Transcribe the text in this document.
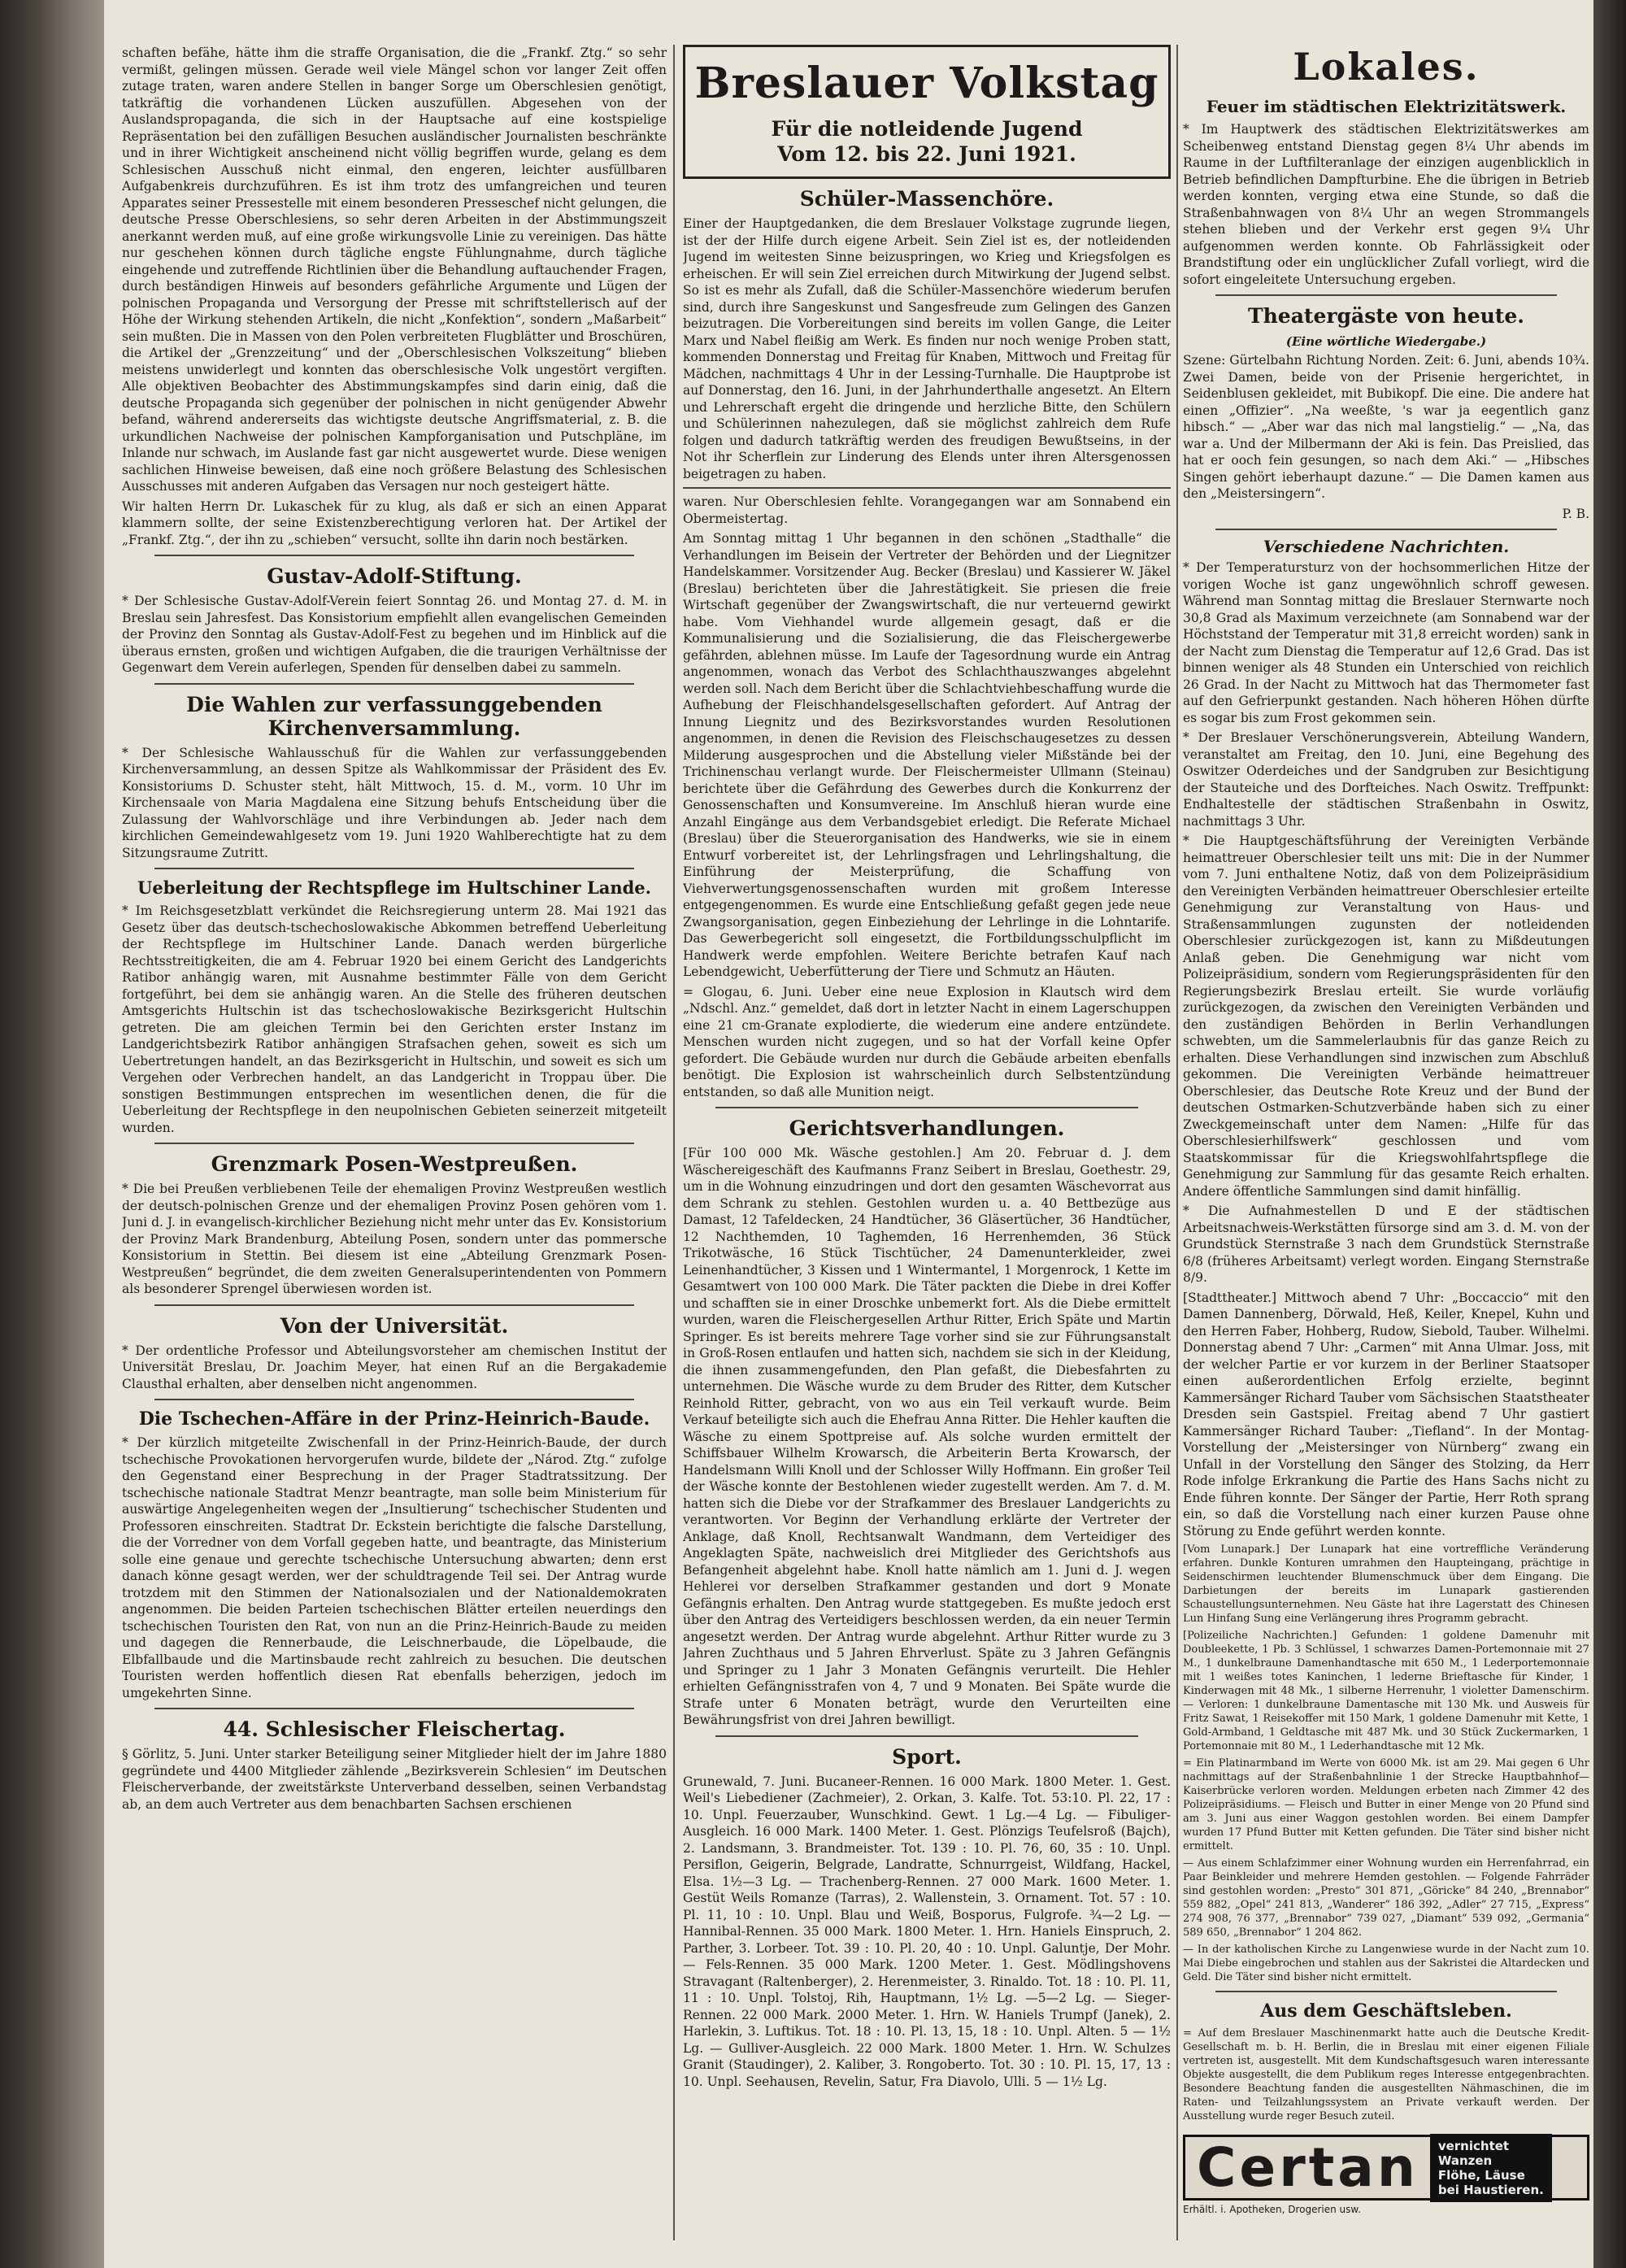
schaften befähe, hätte ihm die straffe Organisation, die die „Frankf. Ztg.“ so sehr vermißt, gelingen müssen. Gerade weil viele Mängel schon vor langer Zeit offen zutage traten, waren andere Stellen in banger Sorge um Oberschlesien genötigt, tatkräftig die vorhandenen Lücken auszufüllen. Abgesehen von der Auslandspropaganda, die sich in der Hauptsache auf eine kostspielige Repräsentation bei den zufälligen Besuchen ausländischer Journalisten beschränkte und in ihrer Wichtigkeit anscheinend nicht völlig begriffen wurde, gelang es dem Schlesischen Ausschuß nicht einmal, den engeren, leichter ausfüllbaren Aufgabenkreis durchzuführen. Es ist ihm trotz des umfangreichen und teuren Apparates seiner Pressestelle mit einem besonderen Presseschef nicht gelungen, die deutsche Presse Oberschlesiens, so sehr deren Arbeiten in der Abstimmungszeit anerkannt werden muß, auf eine große wirkungsvolle Linie zu vereinigen. Das hätte nur geschehen können durch tägliche engste Fühlungnahme, durch tägliche eingehende und zutreffende Richtlinien über die Behandlung auftauchender Fragen, durch beständigen Hinweis auf besonders gefährliche Argumente und Lügen der polnischen Propaganda und Versorgung der Presse mit schriftstellerisch auf der Höhe der Wirkung stehenden Artikeln, die nicht „Konfektion“, sondern „Maßarbeit“ sein mußten. Die in Massen von den Polen verbreiteten Flugblätter und Broschüren, die Artikel der „Grenzzeitung“ und der „Oberschlesischen Volkszeitung“ blieben meistens unwiderlegt und konnten das oberschlesische Volk ungestört vergiften. Alle objektiven Beobachter des Abstimmungskampfes sind darin einig, daß die deutsche Propaganda sich gegenüber der polnischen in nicht genügender Abwehr befand, während andererseits das wichtigste deutsche Angriffsmaterial, z. B. die urkundlichen Nachweise der polnischen Kampforganisation und Putschpläne, im Inlande nur schwach, im Auslande fast gar nicht ausgewertet wurde. Diese wenigen sachlichen Hinweise beweisen, daß eine noch größere Belastung des Schlesischen Ausschusses mit anderen Aufgaben das Versagen nur noch gesteigert hätte.

Wir halten Herrn Dr. Lukaschek für zu klug, als daß er sich an einen Apparat klammern sollte, der seine Existenzberechtigung verloren hat. Der Artikel der „Frankf. Ztg.“, der ihn zu „schieben“ versucht, sollte ihn darin noch bestärken.

Gustav-Adolf-Stiftung.

* Der Schlesische Gustav-Adolf-Verein feiert Sonntag 26. und Montag 27. d. M. in Breslau sein Jahresfest. Das Konsistorium empfiehlt allen evangelischen Gemeinden der Provinz den Sonntag als Gustav-Adolf-Fest zu begehen und im Hinblick auf die überaus ernsten, großen und wichtigen Aufgaben, die die traurigen Verhältnisse der Gegenwart dem Verein auferlegen, Spenden für denselben dabei zu sammeln.

Die Wahlen zur verfassunggebenden Kirchenversammlung.

* Der Schlesische Wahlausschuß für die Wahlen zur verfassunggebenden Kirchenversammlung, an dessen Spitze als Wahlkommissar der Präsident des Ev. Konsistoriums D. Schuster steht, hält Mittwoch, 15. d. M., vorm. 10 Uhr im Kirchensaale von Maria Magdalena eine Sitzung behufs Entscheidung über die Zulassung der Wahlvorschläge und ihre Verbindungen ab. Jeder nach dem kirchlichen Gemeindewahlgesetz vom 19. Juni 1920 Wahlberechtigte hat zu dem Sitzungsraume Zutritt.

Ueberleitung der Rechtspflege im Hultschiner Lande.

* Im Reichsgesetzblatt verkündet die Reichsregierung unterm 28. Mai 1921 das Gesetz über das deutsch-tschechoslowakische Abkommen betreffend Ueberleitung der Rechtspflege im Hultschiner Lande. Danach werden bürgerliche Rechtsstreitigkeiten, die am 4. Februar 1920 bei einem Gericht des Landgerichts Ratibor anhängig waren, mit Ausnahme bestimmter Fälle von dem Gericht fortgeführt, bei dem sie anhängig waren. An die Stelle des früheren deutschen Amtsgerichts Hultschin ist das tschechoslowakische Bezirksgericht Hultschin getreten. Die am gleichen Termin bei den Gerichten erster Instanz im Landgerichtsbezirk Ratibor anhängigen Strafsachen gehen, soweit es sich um Uebertretungen handelt, an das Bezirksgericht in Hultschin, und soweit es sich um Vergehen oder Verbrechen handelt, an das Landgericht in Troppau über. Die sonstigen Bestimmungen entsprechen im wesentlichen denen, die für die Ueberleitung der Rechtspflege in den neupolnischen Gebieten seinerzeit mitgeteilt wurden.

Grenzmark Posen-Westpreußen.

* Die bei Preußen verbliebenen Teile der ehemaligen Provinz Westpreußen westlich der deutsch-polnischen Grenze und der ehemaligen Provinz Posen gehören vom 1. Juni d. J. in evangelisch-kirchlicher Beziehung nicht mehr unter das Ev. Konsistorium der Provinz Mark Brandenburg, Abteilung Posen, sondern unter das pommersche Konsistorium in Stettin. Bei diesem ist eine „Abteilung Grenzmark Posen-Westpreußen“ begründet, die dem zweiten Generalsuperintendenten von Pommern als besonderer Sprengel überwiesen worden ist.

Von der Universität.

* Der ordentliche Professor und Abteilungsvorsteher am chemischen Institut der Universität Breslau, Dr. Joachim Meyer, hat einen Ruf an die Bergakademie Clausthal erhalten, aber denselben nicht angenommen.

Die Tschechen-Affäre in der Prinz-Heinrich-Baude.

* Der kürzlich mitgeteilte Zwischenfall in der Prinz-Heinrich-Baude, der durch tschechische Provokationen hervorgerufen wurde, bildete der „Národ. Ztg.“ zufolge den Gegenstand einer Besprechung in der Prager Stadtratssitzung. Der tschechische nationale Stadtrat Menzr beantragte, man solle beim Ministerium für auswärtige Angelegenheiten wegen der „Insultierung“ tschechischer Studenten und Professoren einschreiten. Stadtrat Dr. Eckstein berichtigte die falsche Darstellung, die der Vorredner von dem Vorfall gegeben hatte, und beantragte, das Ministerium solle eine genaue und gerechte tschechische Untersuchung abwarten; denn erst danach könne gesagt werden, wer der schuldtragende Teil sei. Der Antrag wurde trotzdem mit den Stimmen der Nationalsozialen und der Nationaldemokraten angenommen. Die beiden Parteien tschechischen Blätter erteilen neuerdings den tschechischen Touristen den Rat, von nun an die Prinz-Heinrich-Baude zu meiden und dagegen die Rennerbaude, die Leischnerbaude, die Löpelbaude, die Elbfallbaude und die Martinsbaude recht zahlreich zu besuchen. Die deutschen Touristen werden hoffentlich diesen Rat ebenfalls beherzigen, jedoch im umgekehrten Sinne.

44. Schlesischer Fleischertag.

§ Görlitz, 5. Juni. Unter starker Beteiligung seiner Mitglieder hielt der im Jahre 1880 gegründete und 4400 Mitglieder zählende „Bezirksverein Schlesien“ im Deutschen Fleischerverbande, der zweitstärkste Unterverband desselben, seinen Verbandstag ab, an dem auch Vertreter aus dem benachbarten Sachsen erschienen

Breslauer Volkstag
Für die notleidende Jugend
Vom 12. bis 22. Juni 1921.
Schüler-Massenchöre.

Einer der Hauptgedanken, die dem Breslauer Volkstage zugrunde liegen, ist der der Hilfe durch eigene Arbeit. Sein Ziel ist es, der notleidenden Jugend im weitesten Sinne beizuspringen, wo Krieg und Kriegsfolgen es erheischen. Er will sein Ziel erreichen durch Mitwirkung der Jugend selbst. So ist es mehr als Zufall, daß die Schüler-Massenchöre wiederum berufen sind, durch ihre Sangeskunst und Sangesfreude zum Gelingen des Ganzen beizutragen. Die Vorbereitungen sind bereits im vollen Gange, die Leiter Marx und Nabel fleißig am Werk. Es finden nur noch wenige Proben statt, kommenden Donnerstag und Freitag für Knaben, Mittwoch und Freitag für Mädchen, nachmittags 4 Uhr in der Lessing-Turnhalle. Die Hauptprobe ist auf Donnerstag, den 16. Juni, in der Jahrhunderthalle angesetzt. An Eltern und Lehrerschaft ergeht die dringende und herzliche Bitte, den Schülern und Schülerinnen nahezulegen, daß sie möglichst zahlreich dem Rufe folgen und dadurch tatkräftig werden des freudigen Bewußtseins, in der Not ihr Scherflein zur Linderung des Elends unter ihren Altersgenossen beigetragen zu haben.

waren. Nur Oberschlesien fehlte. Vorangegangen war am Sonnabend ein Obermeistertag.

Am Sonntag mittag 1 Uhr begannen in den schönen „Stadthalle“ die Verhandlungen im Beisein der Vertreter der Behörden und der Liegnitzer Handelskammer. Vorsitzender Aug. Becker (Breslau) und Kassierer W. Jäkel (Breslau) berichteten über die Jahrestätigkeit. Sie priesen die freie Wirtschaft gegenüber der Zwangswirtschaft, die nur verteuernd gewirkt habe. Vom Viehhandel wurde allgemein gesagt, daß er die Kommunalisierung und die Sozialisierung, die das Fleischergewerbe gefährden, ablehnen müsse. Im Laufe der Tagesordnung wurde ein Antrag angenommen, wonach das Verbot des Schlachthauszwanges abgelehnt werden soll. Nach dem Bericht über die Schlachtviehbeschaffung wurde die Aufhebung der Fleischhandelsgesellschaften gefordert. Auf Antrag der Innung Liegnitz und des Bezirksvorstandes wurden Resolutionen angenommen, in denen die Revision des Fleischschaugesetzes zu dessen Milderung ausgesprochen und die Abstellung vieler Mißstände bei der Trichinenschau verlangt wurde. Der Fleischermeister Ullmann (Steinau) berichtete über die Gefährdung des Gewerbes durch die Konkurrenz der Genossenschaften und Konsumvereine. Im Anschluß hieran wurde eine Anzahl Eingänge aus dem Verbandsgebiet erledigt. Die Referate Michael (Breslau) über die Steuerorganisation des Handwerks, wie sie in einem Entwurf vorbereitet ist, der Lehrlingsfragen und Lehrlingshaltung, die Einführung der Meisterprüfung, die Schaffung von Viehverwertungsgenossenschaften wurden mit großem Interesse entgegengenommen. Es wurde eine Entschließung gefaßt gegen jede neue Zwangsorganisation, gegen Einbeziehung der Lehrlinge in die Lohntarife. Das Gewerbegericht soll eingesetzt, die Fortbildungsschulpflicht im Handwerk werde empfohlen. Weitere Berichte betrafen Kauf nach Lebendgewicht, Ueberfütterung der Tiere und Schmutz an Häuten.

= Glogau, 6. Juni. Ueber eine neue Explosion in Klautsch wird dem „Ndschl. Anz.“ gemeldet, daß dort in letzter Nacht in einem Lagerschuppen eine 21 cm-Granate explodierte, die wiederum eine andere entzündete. Menschen wurden nicht zugegen, und so hat der Vorfall keine Opfer gefordert. Die Gebäude wurden nur durch die Gebäude arbeiten ebenfalls benötigt. Die Explosion ist wahrscheinlich durch Selbstentzündung entstanden, so daß alle Munition neigt.

Gerichtsverhandlungen.

[Für 100 000 Mk. Wäsche gestohlen.] Am 20. Februar d. J. dem Wäschereigeschäft des Kaufmanns Franz Seibert in Breslau, Goethestr. 29, um in die Wohnung einzudringen und dort den gesamten Wäschevorrat aus dem Schrank zu stehlen. Gestohlen wurden u. a. 40 Bettbezüge aus Damast, 12 Tafeldecken, 24 Handtücher, 36 Gläsertücher, 36 Handtücher, 12 Nachthemden, 10 Taghemden, 16 Herrenhemden, 36 Stück Trikotwäsche, 16 Stück Tischtücher, 24 Damenunterkleider, zwei Leinenhandtücher, 3 Kissen und 1 Wintermantel, 1 Morgenrock, 1 Kette im Gesamtwert von 100 000 Mark. Die Täter packten die Diebe in drei Koffer und schafften sie in einer Droschke unbemerkt fort. Als die Diebe ermittelt wurden, waren die Fleischergesellen Arthur Ritter, Erich Späte und Martin Springer. Es ist bereits mehrere Tage vorher sind sie zur Führungsanstalt in Groß-Rosen entlaufen und hatten sich, nachdem sie sich in der Kleidung, die ihnen zusammengefunden, den Plan gefaßt, die Diebesfahrten zu unternehmen. Die Wäsche wurde zu dem Bruder des Ritter, dem Kutscher Reinhold Ritter, gebracht, von wo aus ein Teil verkauft wurde. Beim Verkauf beteiligte sich auch die Ehefrau Anna Ritter. Die Hehler kauften die Wäsche zu einem Spottpreise auf. Als solche wurden ermittelt der Schiffsbauer Wilhelm Krowarsch, die Arbeiterin Berta Krowarsch, der Handelsmann Willi Knoll und der Schlosser Willy Hoffmann. Ein großer Teil der Wäsche konnte der Bestohlenen wieder zugestellt werden. Am 7. d. M. hatten sich die Diebe vor der Strafkammer des Breslauer Landgerichts zu verantworten. Vor Beginn der Verhandlung erklärte der Vertreter der Anklage, daß Knoll, Rechtsanwalt Wandmann, dem Verteidiger des Angeklagten Späte, nachweislich drei Mitglieder des Gerichtshofs aus Befangenheit abgelehnt habe. Knoll hatte nämlich am 1. Juni d. J. wegen Hehlerei vor derselben Strafkammer gestanden und dort 9 Monate Gefängnis erhalten. Den Antrag wurde stattgegeben. Es mußte jedoch erst über den Antrag des Verteidigers beschlossen werden, da ein neuer Termin angesetzt werden. Der Antrag wurde abgelehnt. Arthur Ritter wurde zu 3 Jahren Zuchthaus und 5 Jahren Ehrverlust. Späte zu 3 Jahren Gefängnis und Springer zu 1 Jahr 3 Monaten Gefängnis verurteilt. Die Hehler erhielten Gefängnisstrafen von 4, 7 und 9 Monaten. Bei Späte wurde die Strafe unter 6 Monaten beträgt, wurde den Verurteilten eine Bewährungsfrist von drei Jahren bewilligt.

Sport.

Grunewald, 7. Juni. Bucaneer-Rennen. 16 000 Mark. 1800 Meter. 1. Gest. Weil's Liebediener (Zachmeier), 2. Orkan, 3. Kalfe. Tot. 53:10. Pl. 22, 17 : 10. Unpl. Feuerzauber, Wunschkind. Gewt. 1 Lg.—4 Lg. — Fibuliger-Ausgleich. 16 000 Mark. 1400 Meter. 1. Gest. Plönzigs Teufelsroß (Bajch), 2. Landsmann, 3. Brandmeister. Tot. 139 : 10. Pl. 76, 60, 35 : 10. Unpl. Persiflon, Geigerin, Belgrade, Landratte, Schnurrgeist, Wildfang, Hackel, Elsa. 1½—3 Lg. — Trachenberg-Rennen. 27 000 Mark. 1600 Meter. 1. Gestüt Weils Romanze (Tarras), 2. Wallenstein, 3. Ornament. Tot. 57 : 10. Pl. 11, 10 : 10. Unpl. Blau und Weiß, Bosporus, Fulgrofe. ¾—2 Lg. — Hannibal-Rennen. 35 000 Mark. 1800 Meter. 1. Hrn. Haniels Einspruch, 2. Parther, 3. Lorbeer. Tot. 39 : 10. Pl. 20, 40 : 10. Unpl. Galuntje, Der Mohr. — Fels-Rennen. 35 000 Mark. 1200 Meter. 1. Gest. Mödlingshovens Stravagant (Raltenberger), 2. Herenmeister, 3. Rinaldo. Tot. 18 : 10. Pl. 11, 11 : 10. Unpl. Tolstoj, Rih, Hauptmann, 1½ Lg. —5—2 Lg. — Sieger-Rennen. 22 000 Mark. 2000 Meter. 1. Hrn. W. Haniels Trumpf (Janek), 2. Harlekin, 3. Luftikus. Tot. 18 : 10. Pl. 13, 15, 18 : 10. Unpl. Alten. 5 — 1½ Lg. — Gulliver-Ausgleich. 22 000 Mark. 1800 Meter. 1. Hrn. W. Schulzes Granit (Staudinger), 2. Kaliber, 3. Rongoberto. Tot. 30 : 10. Pl. 15, 17, 13 : 10. Unpl. Seehausen, Revelin, Satur, Fra Diavolo, Ulli. 5 — 1½ Lg.

Lokales.
Feuer im städtischen Elektrizitätswerk.

* Im Hauptwerk des städtischen Elektrizitätswerkes am Scheibenweg entstand Dienstag gegen 8¼ Uhr abends im Raume in der Luftfilteranlage der einzigen augenblicklich in Betrieb befindlichen Dampfturbine. Ehe die übrigen in Betrieb werden konnten, verging etwa eine Stunde, so daß die Straßenbahnwagen von 8¼ Uhr an wegen Strommangels stehen blieben und der Verkehr erst gegen 9¼ Uhr aufgenommen werden konnte. Ob Fahrlässigkeit oder Brandstiftung oder ein unglücklicher Zufall vorliegt, wird die sofort eingeleitete Untersuchung ergeben.

Theatergäste von heute.
(Eine wörtliche Wiedergabe.)

Szene: Gürtelbahn Richtung Norden. Zeit: 6. Juni, abends 10¾. Zwei Damen, beide von der Prisenie hergerichtet, in Seidenblusen gekleidet, mit Bubikopf. Die eine. Die andere hat einen „Offizier“. „Na weeßte, 's war ja eegentlich ganz hibsch.“ — „Aber war das nich mal langstielig.“ — „Na, das war a. Und der Milbermann der Aki is fein. Das Preislied, das hat er ooch fein gesungen, so nach dem Aki.“ — „Hibsches Singen gehört ieberhaupt dazune.“ — Die Damen kamen aus den „Meistersingern“.

P. B.
Verschiedene Nachrichten.

* Der Temperatursturz von der hochsommerlichen Hitze der vorigen Woche ist ganz ungewöhnlich schroff gewesen. Während man Sonntag mittag die Breslauer Sternwarte noch 30,8 Grad als Maximum verzeichnete (am Sonnabend war der Höchststand der Temperatur mit 31,8 erreicht worden) sank in der Nacht zum Dienstag die Temperatur auf 12,6 Grad. Das ist binnen weniger als 48 Stunden ein Unterschied von reichlich 26 Grad. In der Nacht zu Mittwoch hat das Thermometer fast auf den Gefrierpunkt gestanden. Nach höheren Höhen dürfte es sogar bis zum Frost gekommen sein.

* Der Breslauer Verschönerungsverein, Abteilung Wandern, veranstaltet am Freitag, den 10. Juni, eine Begehung des Oswitzer Oderdeiches und der Sandgruben zur Besichtigung der Stauteiche und des Dorfteiches. Nach Oswitz. Treffpunkt: Endhaltestelle der städtischen Straßenbahn in Oswitz, nachmittags 3 Uhr.

* Die Hauptgeschäftsführung der Vereinigten Verbände heimattreuer Oberschlesier teilt uns mit: Die in der Nummer vom 7. Juni enthaltene Notiz, daß von dem Polizeipräsidium den Vereinigten Verbänden heimattreuer Oberschlesier erteilte Genehmigung zur Veranstaltung von Haus- und Straßensammlungen zugunsten der notleidenden Oberschlesier zurückgezogen ist, kann zu Mißdeutungen Anlaß geben. Die Genehmigung war nicht vom Polizeipräsidium, sondern vom Regierungspräsidenten für den Regierungsbezirk Breslau erteilt. Sie wurde vorläufig zurückgezogen, da zwischen den Vereinigten Verbänden und den zuständigen Behörden in Berlin Verhandlungen schwebten, um die Sammelerlaubnis für das ganze Reich zu erhalten. Diese Verhandlungen sind inzwischen zum Abschluß gekommen. Die Vereinigten Verbände heimattreuer Oberschlesier, das Deutsche Rote Kreuz und der Bund der deutschen Ostmarken-Schutzverbände haben sich zu einer Zweckgemeinschaft unter dem Namen: „Hilfe für das Oberschlesierhilfswerk“ geschlossen und vom Staatskommissar für die Kriegswohlfahrtspflege die Genehmigung zur Sammlung für das gesamte Reich erhalten. Andere öffentliche Sammlungen sind damit hinfällig.

* Die Aufnahmestellen D und E der städtischen Arbeitsnachweis-Werkstätten fürsorge sind am 3. d. M. von der Grundstück Sternstraße 3 nach dem Grundstück Sternstraße 6/8 (früheres Arbeitsamt) verlegt worden. Eingang Sternstraße 8/9.

[Stadttheater.] Mittwoch abend 7 Uhr: „Boccaccio“ mit den Damen Dannenberg, Dörwald, Heß, Keiler, Knepel, Kuhn und den Herren Faber, Hohberg, Rudow, Siebold, Tauber. Wilhelmi. Donnerstag abend 7 Uhr: „Carmen“ mit Anna Ulmar. Joss, mit der welcher Partie er vor kurzem in der Berliner Staatsoper einen außerordentlichen Erfolg erzielte, beginnt Kammersänger Richard Tauber vom Sächsischen Staatstheater Dresden sein Gastspiel. Freitag abend 7 Uhr gastiert Kammersänger Richard Tauber: „Tiefland“. In der Montag-Vorstellung der „Meistersinger von Nürnberg“ zwang ein Unfall in der Vorstellung den Sänger des Stolzing, da Herr Rode infolge Erkrankung die Partie des Hans Sachs nicht zu Ende führen konnte. Der Sänger der Partie, Herr Roth sprang ein, so daß die Vorstellung nach einer kurzen Pause ohne Störung zu Ende geführt werden konnte.

[Vom Lunapark.] Der Lunapark hat eine vortreffliche Veränderung erfahren. Dunkle Konturen umrahmen den Haupteingang, prächtige in Seidenschirmen leuchtender Blumenschmuck über dem Eingang. Die Darbietungen der bereits im Lunapark gastierenden Schaustellungsunternehmen. Neu Gäste hat ihre Lagerstatt des Chinesen Lun Hinfang Sung eine Verlängerung ihres Programm gebracht.

[Polizeiliche Nachrichten.] Gefunden: 1 goldene Damenuhr mit Doubleekette, 1 Pb. 3 Schlüssel, 1 schwarzes Damen-Portemonnaie mit 27 M., 1 dunkelbraune Damenhandtasche mit 650 M., 1 Lederportemonnaie mit 1 weißes totes Kaninchen, 1 lederne Brieftasche für Kinder, 1 Kinderwagen mit 48 Mk., 1 silberne Herrenuhr, 1 violetter Damenschirm. — Verloren: 1 dunkelbraune Damentasche mit 130 Mk. und Ausweis für Fritz Sawat, 1 Reisekoffer mit 150 Mark, 1 goldene Damenuhr mit Kette, 1 Gold-Armband, 1 Geldtasche mit 487 Mk. und 30 Stück Zuckermarken, 1 Portemonnaie mit 80 M., 1 Lederhandtasche mit 12 Mk.

= Ein Platinarmband im Werte von 6000 Mk. ist am 29. Mai gegen 6 Uhr nachmittags auf der Straßenbahnlinie 1 der Strecke Hauptbahnhof—Kaiserbrücke verloren worden. Meldungen erbeten nach Zimmer 42 des Polizeipräsidiums. — Fleisch und Butter in einer Menge von 20 Pfund sind am 3. Juni aus einer Waggon gestohlen worden. Bei einem Dampfer wurden 17 Pfund Butter mit Ketten gefunden. Die Täter sind bisher nicht ermittelt.

— Aus einem Schlafzimmer einer Wohnung wurden ein Herrenfahrrad, ein Paar Beinkleider und mehrere Hemden gestohlen. — Folgende Fahrräder sind gestohlen worden: „Presto“ 301 871, „Göricke“ 84 240, „Brennabor“ 559 882, „Opel“ 241 813, „Wanderer“ 186 392, „Adler“ 27 715, „Express“ 274 908, 76 377, „Brennabor“ 739 027, „Diamant“ 539 092, „Germania“ 589 650, „Brennabor“ 1 204 862.

— In der katholischen Kirche zu Langenwiese wurde in der Nacht zum 10. Mai Diebe eingebrochen und stahlen aus der Sakristei die Altardecken und Geld. Die Täter sind bisher nicht ermittelt.

Aus dem Geschäftsleben.

= Auf dem Breslauer Maschinenmarkt hatte auch die Deutsche Kredit-Gesellschaft m. b. H. Berlin, die in Breslau mit einer eigenen Filiale vertreten ist, ausgestellt. Mit dem Kundschaftsgesuch waren interessante Objekte ausgestellt, die dem Publikum reges Interesse entgegenbrachten. Besondere Beachtung fanden die ausgestellten Nähmaschinen, die im Raten- und Teilzahlungssystem an Private verkauft werden. Der Ausstellung wurde reger Besuch zuteil.

Certan	vernichtet
Wanzen
Flöhe, Läuse
bei Haustieren.
Erhältl. i. Apotheken, Drogerien usw.
